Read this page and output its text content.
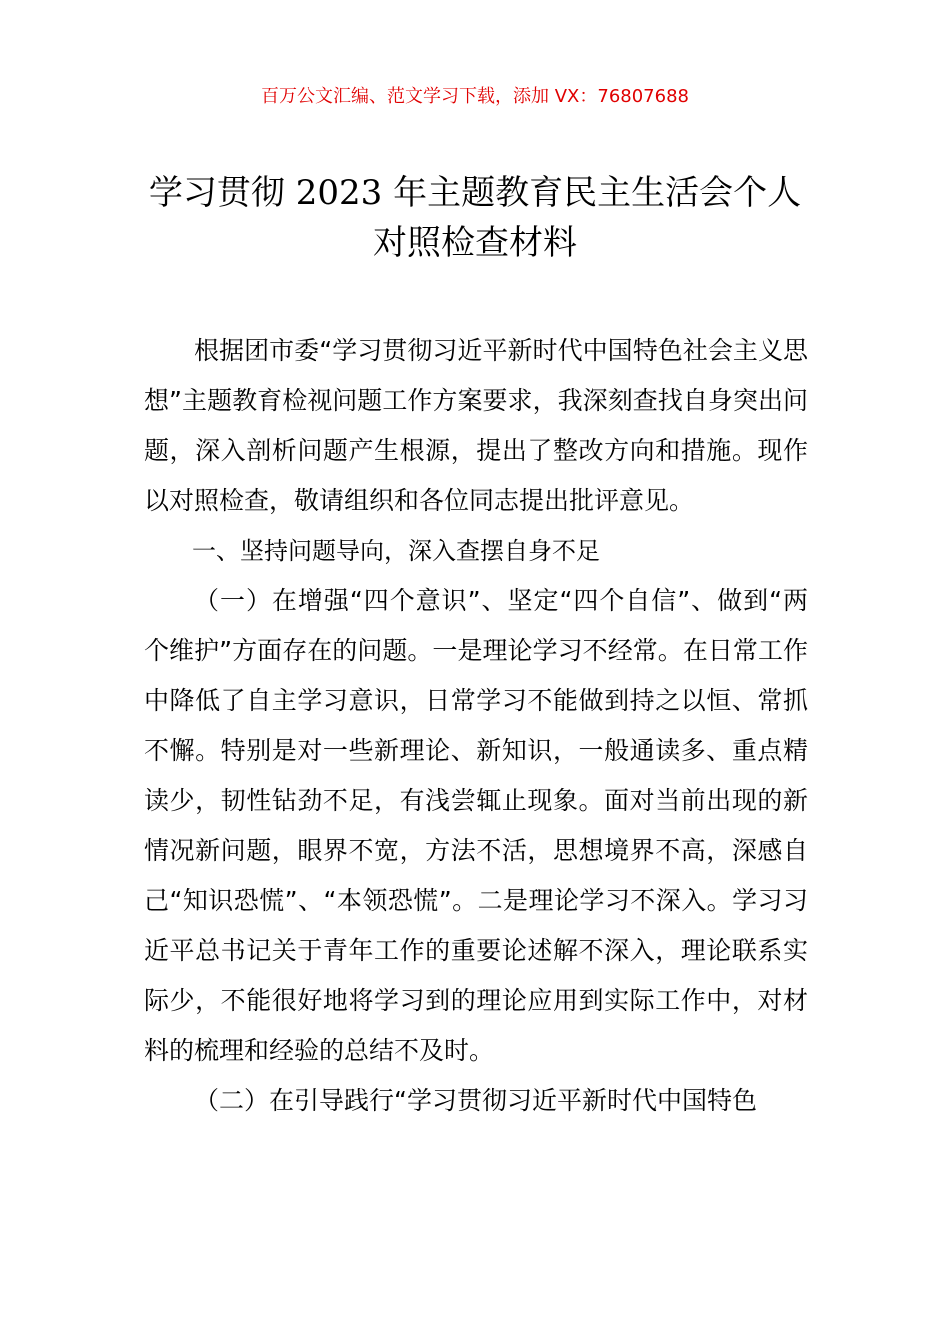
百万公文汇编、范文学习下载，添加 VX：76807688
学习贯彻 2023 年主题教育民主生活会个人
对照检查材料

根据团市委“学习贯彻习近平新时代中国特色社会主义思想”主题教育检视问题工作方案要求，我深刻查找自身突出问题，深入剖析问题产生根源，提出了整改方向和措施。现作以对照检查，敬请组织和各位同志提出批评意见。

一、坚持问题导向，深入查摆自身不足

（一）在增强“四个意识”、坚定“四个自信”、做到“两个维护”方面存在的问题。一是理论学习不经常。在日常工作中降低了自主学习意识，日常学习不能做到持之以恒、常抓不懈。特别是对一些新理论、新知识，一般通读多、重点精读少，韧性钻劲不足，有浅尝辄止现象。面对当前出现的新情况新问题，眼界不宽，方法不活，思想境界不高，深感自己“知识恐慌”、“本领恐慌”。二是理论学习不深入。学习习近平总书记关于青年工作的重要论述解不深入，理论联系实际少，不能很好地将学习到的理论应用到实际工作中，对材料的梳理和经验的总结不及时。

（二）在引导践行“学习贯彻习近平新时代中国特色
